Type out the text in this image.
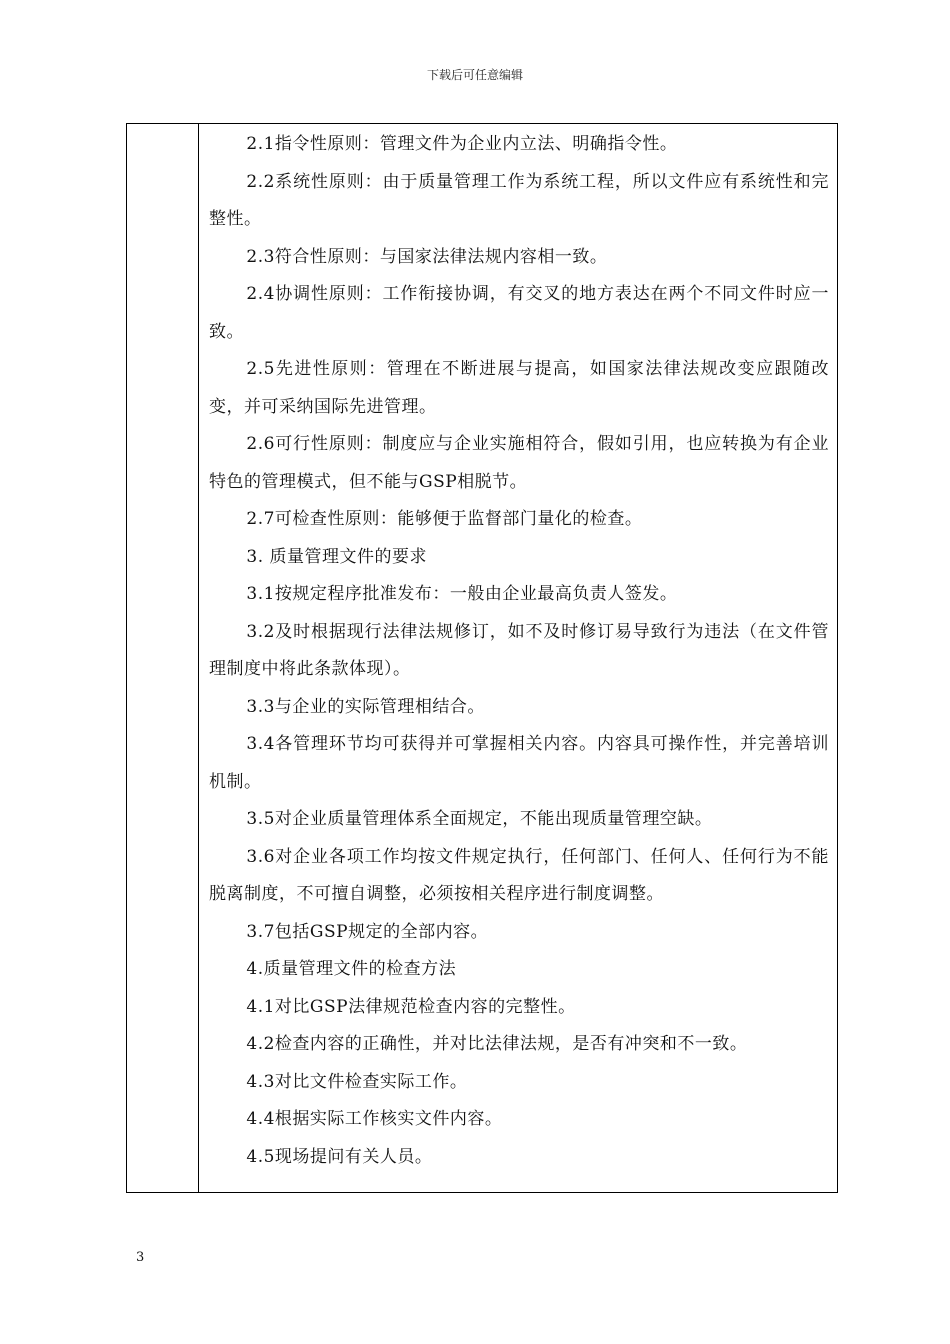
下载后可任意编辑

2.1指令性原则：管理文件为企业内立法、明确指令性。

2.2系统性原则：由于质量管理工作为系统工程，所以文件应有系统性和完整性。

2.3符合性原则：与国家法律法规内容相一致。

2.4协调性原则：工作衔接协调，有交叉的地方表达在两个不同文件时应一致。

2.5先进性原则：管理在不断进展与提高，如国家法律法规改变应跟随改变，并可采纳国际先进管理。

2.6可行性原则：制度应与企业实施相符合，假如引用，也应转换为有企业特色的管理模式，但不能与GSP相脱节。

2.7可检查性原则：能够便于监督部门量化的检查。

3. 质量管理文件的要求

3.1按规定程序批准发布：一般由企业最高负责人签发。

3.2及时根据现行法律法规修订，如不及时修订易导致行为违法（在文件管理制度中将此条款体现）。

3.3与企业的实际管理相结合。

3.4各管理环节均可获得并可掌握相关内容。内容具可操作性，并完善培训机制。

3.5对企业质量管理体系全面规定，不能出现质量管理空缺。

3.6对企业各项工作均按文件规定执行，任何部门、任何人、任何行为不能脱离制度，不可擅自调整，必须按相关程序进行制度调整。

3.7包括GSP规定的全部内容。

4.质量管理文件的检查方法

4.1对比GSP法律规范检查内容的完整性。

4.2检查内容的正确性，并对比法律法规，是否有冲突和不一致。

4.3对比文件检查实际工作。

4.4根据实际工作核实文件内容。

4.5现场提问有关人员。

3
